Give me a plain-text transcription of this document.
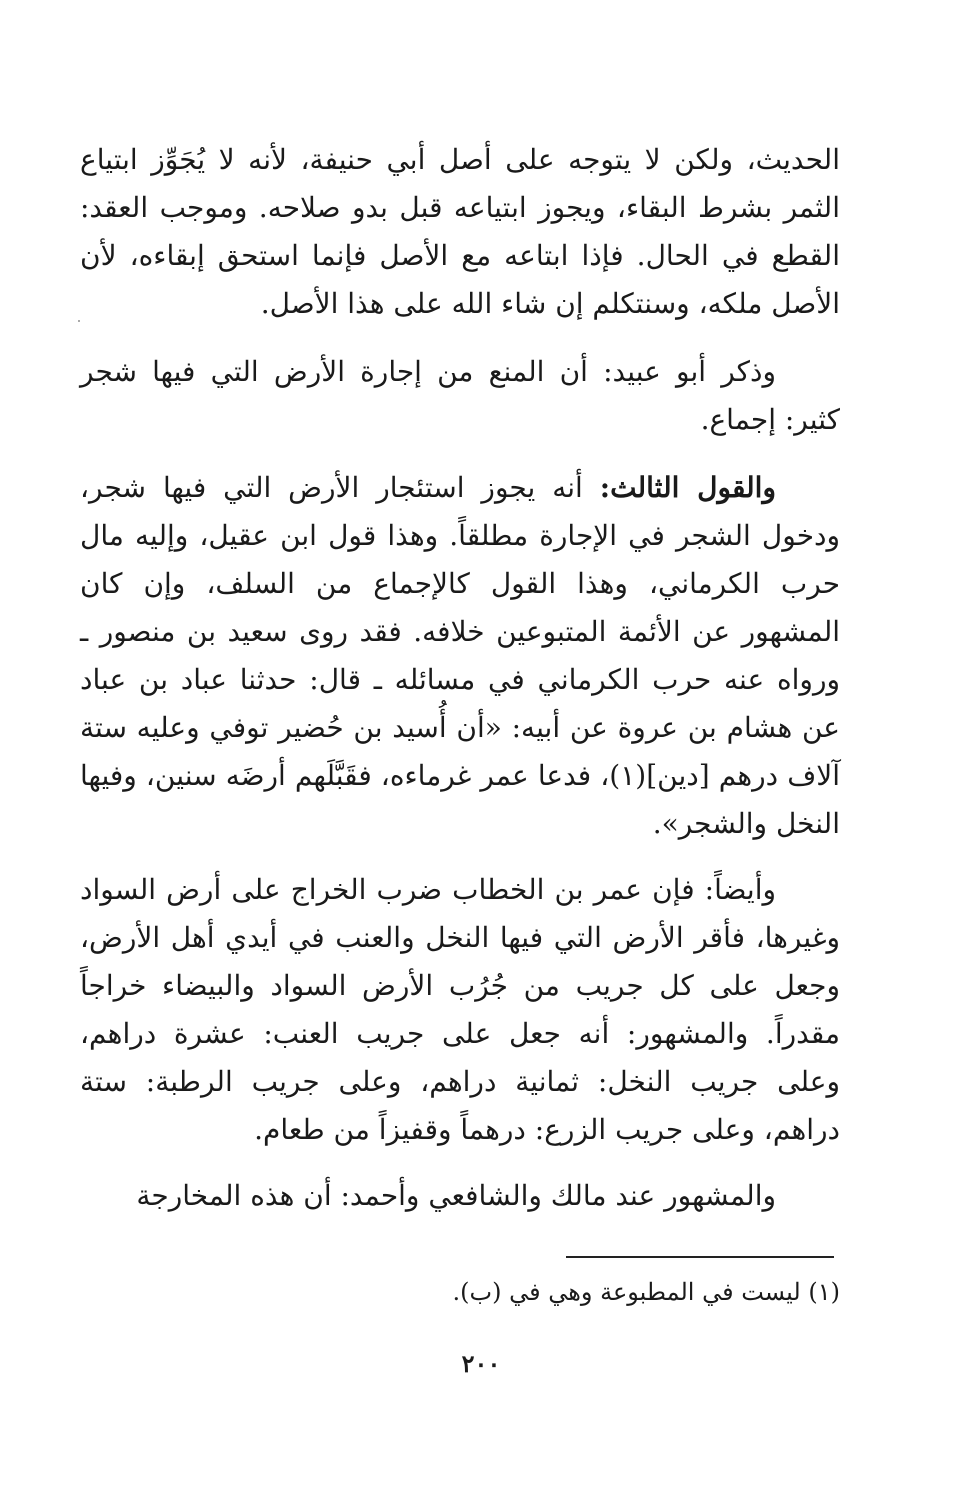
الحديث، ولكن لا يتوجه على أصل أبي حنيفة، لأنه لا يُجَوِّز ابتياع الثمر بشرط البقاء، ويجوز ابتياعه قبل بدو صلاحه. وموجب العقد: القطع في الحال. فإذا ابتاعه مع الأصل فإنما استحق إبقاءه، لأن الأصل ملكه، وسنتكلم إن شاء الله على هذا الأصل.

وذكر أبو عبيد: أن المنع من إجارة الأرض التي فيها شجر كثير: إجماع.

والقول الثالث: أنه يجوز استئجار الأرض التي فيها شجر، ودخول الشجر في الإجارة مطلقاً. وهذا قول ابن عقيل، وإليه مال حرب الكرماني، وهذا القول كالإجماع من السلف، وإن كان المشهور عن الأئمة المتبوعين خلافه. فقد روى سعيد بن منصور ـ ورواه عنه حرب الكرماني في مسائله ـ قال: حدثنا عباد بن عباد عن هشام بن عروة عن أبيه: «أن أُسيد بن حُضير توفي وعليه ستة آلاف درهم [دين](١)، فدعا عمر غرماءه، فقَبَّلَهم أرضَه سنين، وفيها النخل والشجر».

وأيضاً: فإن عمر بن الخطاب ضرب الخراج على أرض السواد وغيرها، فأقر الأرض التي فيها النخل والعنب في أيدي أهل الأرض، وجعل على كل جريب من جُرُب الأرض السواد والبيضاء خراجاً مقدراً. والمشهور: أنه جعل على جريب العنب: عشرة دراهم، وعلى جريب النخل: ثمانية دراهم، وعلى جريب الرطبة: ستة دراهم، وعلى جريب الزرع: درهماً وقفيزاً من طعام.

والمشهور عند مالك والشافعي وأحمد: أن هذه المخارجة

(١) ليست في المطبوعة وهي في (ب).

٢٠٠
